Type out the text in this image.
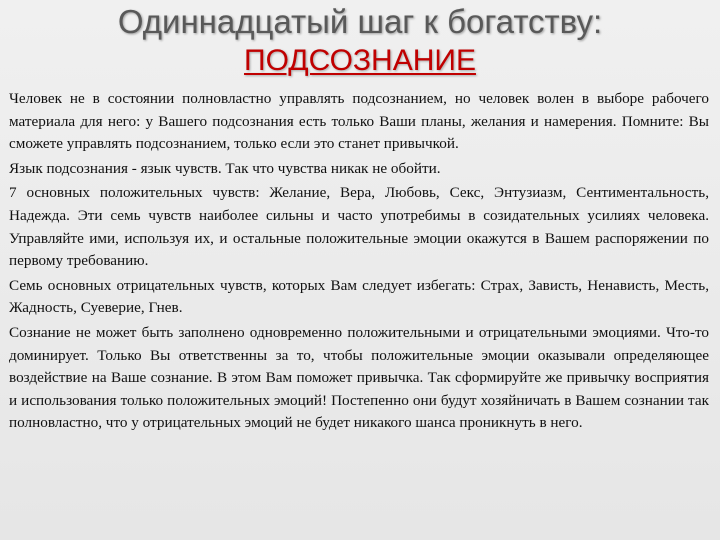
Одиннадцатый шаг к богатству:
ПОДСОЗНАНИЕ

Человек не в состоянии полновластно управлять подсознанием, но человек волен в выборе рабочего материала для него: у Вашего подсознания есть только Ваши планы, желания и намерения. Помните: Вы сможете управлять подсознанием, только если это станет привычкой.

Язык подсознания - язык чувств. Так что чувства никак не обойти.

7 основных положительных чувств: Желание, Вера, Любовь, Секс, Энтузиазм, Сентиментальность, Надежда. Эти семь чувств наиболее сильны и часто употребимы в созидательных усилиях человека. Управляйте ими, используя их, и остальные положительные эмоции окажутся в Вашем распоряжении по первому требованию.

Семь основных отрицательных чувств, которых Вам следует избегать: Страх, Зависть, Ненависть, Месть, Жадность, Суеверие, Гнев.

Сознание не может быть заполнено одновременно положительными и отрицательными эмоциями. Что-то доминирует. Только Вы ответственны за то, чтобы положительные эмоции оказывали определяющее воздействие на Ваше сознание. В этом Вам поможет привычка. Так сформируйте же привычку восприятия и использования только положительных эмоций! Постепенно они будут хозяйничать в Вашем сознании так полновластно, что у отрицательных эмоций не будет никакого шанса проникнуть в него.
